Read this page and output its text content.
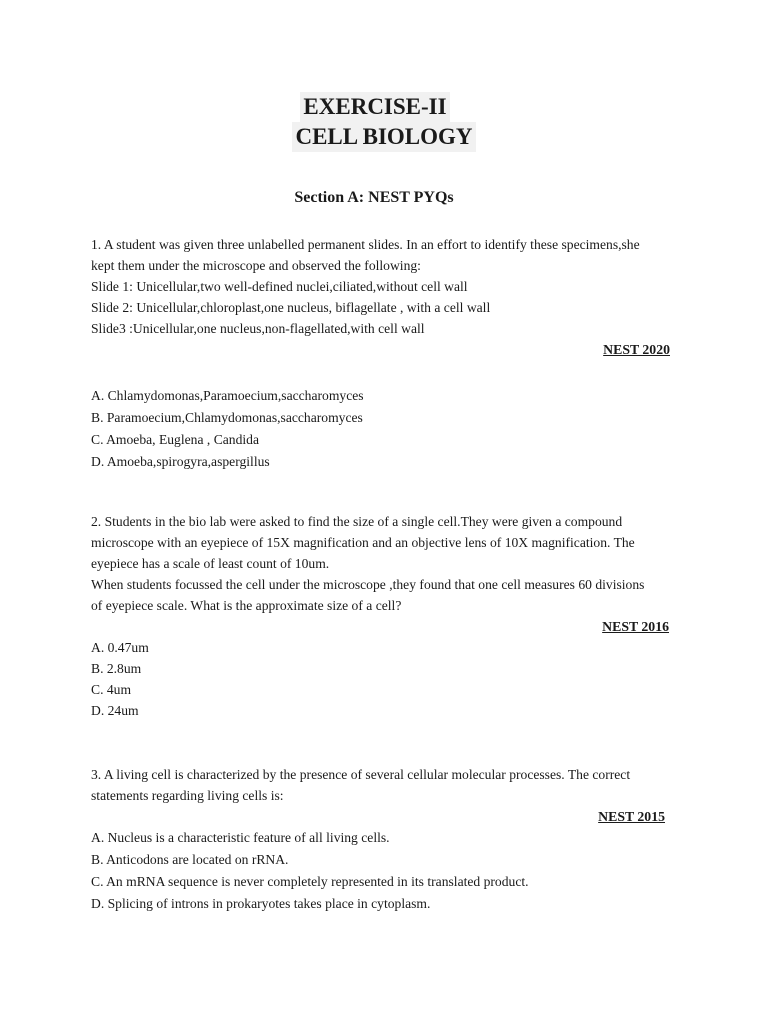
EXERCISE-II
CELL BIOLOGY
Section A: NEST PYQs
1. A student was given three unlabelled permanent slides. In an effort to identify these specimens,she
kept them under the microscope and observed the following:
Slide 1: Unicellular,two well-defined nuclei,ciliated,without cell wall
Slide 2: Unicellular,chloroplast,one nucleus, biflagellate , with a cell wall
Slide3 :Unicellular,one nucleus,non-flagellated,with cell wall
NEST 2020
A. Chlamydomonas,Paramoecium,saccharomyces
B. Paramoecium,Chlamydomonas,saccharomyces
C. Amoeba, Euglena , Candida
D. Amoeba,spirogyra,aspergillus
2. Students in the bio lab were asked to find the size of a single cell.They were given a compound
microscope with an eyepiece of 15X magnification and an objective lens of 10X magnification. The
eyepiece has a scale of least count of 10um.
When students focussed the cell under the microscope ,they found that one cell measures 60 divisions
of eyepiece scale. What is the approximate size of a cell?
NEST 2016
A. 0.47um
B. 2.8um
C. 4um
D. 24um
3. A living cell is characterized by the presence of several cellular molecular processes. The correct
statements regarding living cells is:
NEST 2015
A. Nucleus is a characteristic feature of all living cells.
B. Anticodons are located on rRNA.
C. An mRNA sequence is never completely represented in its translated product.
D. Splicing of introns in prokaryotes takes place in cytoplasm.
